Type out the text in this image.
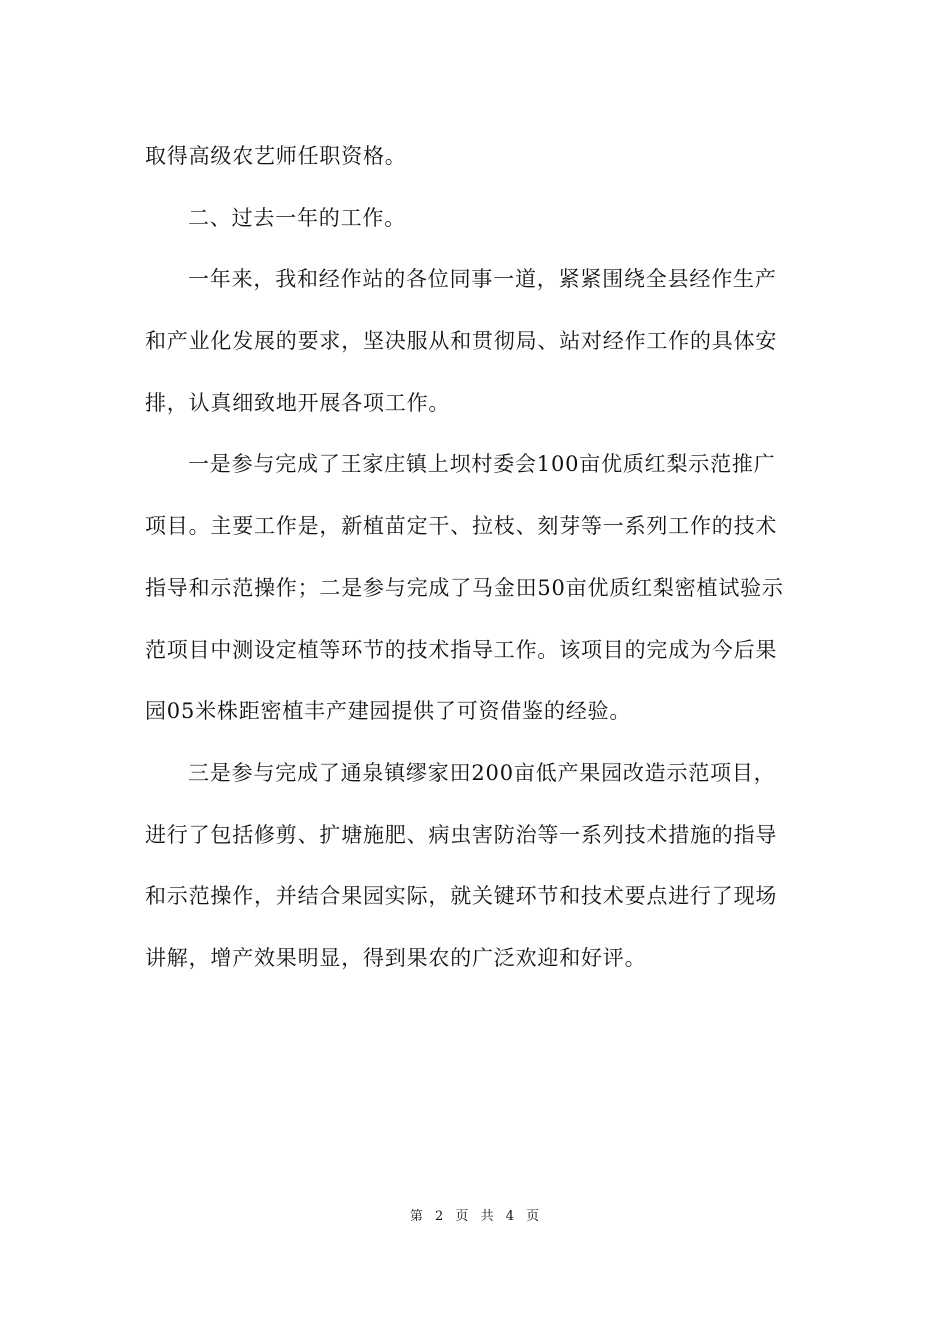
取得高级农艺师任职资格。
二、过去一年的工作。
一年来，我和经作站的各位同事一道，紧紧围绕全县经作生产
和产业化发展的要求，坚决服从和贯彻局、站对经作工作的具体安
排，认真细致地开展各项工作。
一是参与完成了王家庄镇上坝村委会100亩优质红梨示范推广
项目。主要工作是，新植苗定干、拉枝、刻芽等一系列工作的技术
指导和示范操作；二是参与完成了马金田50亩优质红梨密植试验示
范项目中测设定植等环节的技术指导工作。该项目的完成为今后果
园05米株距密植丰产建园提供了可资借鉴的经验。
三是参与完成了通泉镇缪家田200亩低产果园改造示范项目，
进行了包括修剪、扩塘施肥、病虫害防治等一系列技术措施的指导
和示范操作，并结合果园实际，就关键环节和技术要点进行了现场
讲解，增产效果明显，得到果农的广泛欢迎和好评。
第 2 页 共 4 页
